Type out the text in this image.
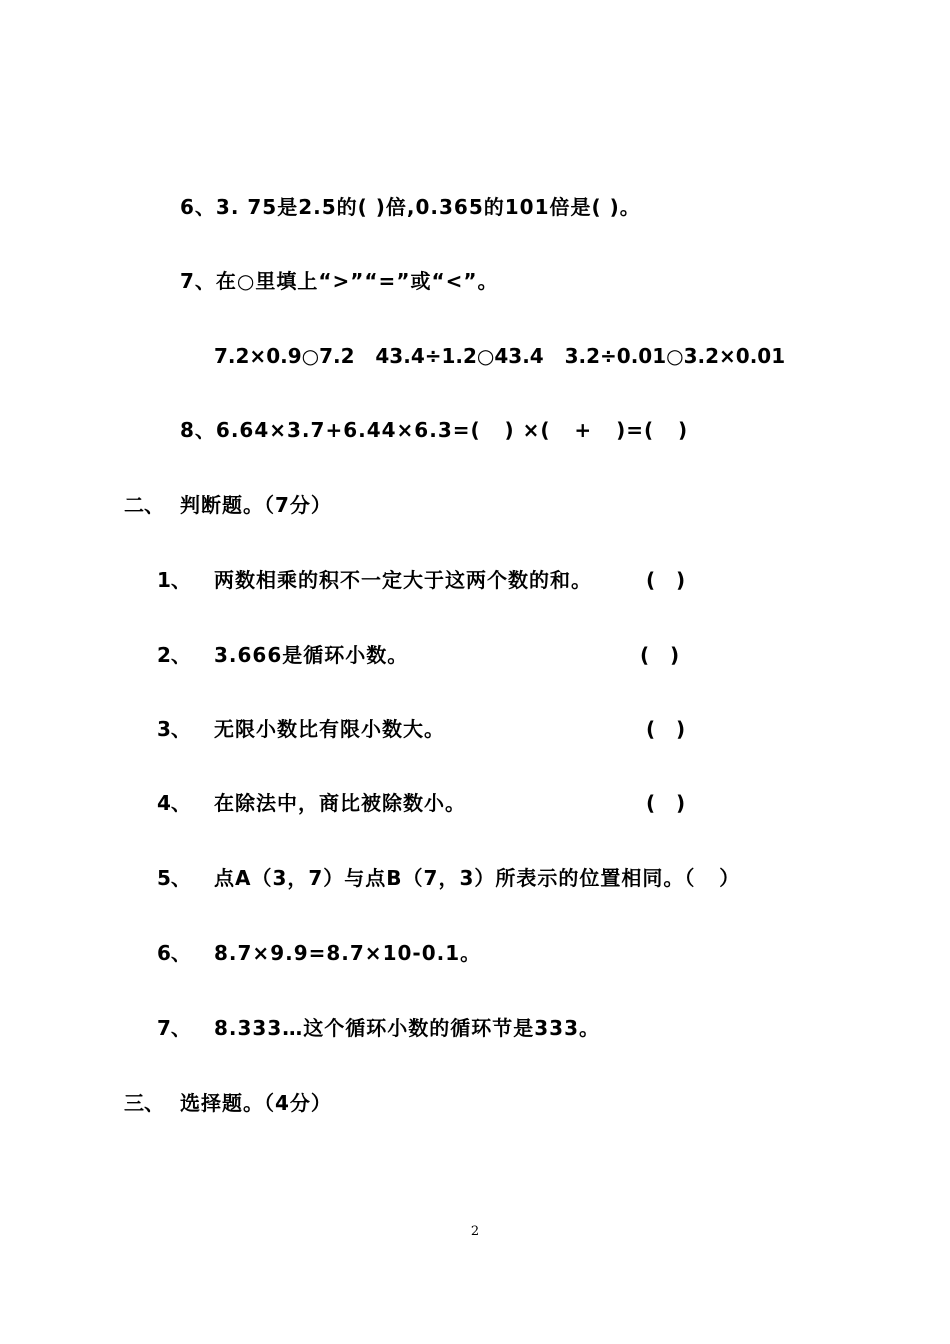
6、3. 75是2.5的( )倍,0.365的101倍是( )。
7、在○里填上“>”“=”或“<”。
7.2×0.9○7.2   43.4÷1.2○43.4   3.2÷0.01○3.2×0.01
8、6.64×3.7+6.44×6.3=(   ) ×(   +   )=(   )
二、 判断题。（7分）
1、 两数相乘的积不一定大于这两个数的和。	(   )
2、 3.666是循环小数。	(   )
3、 无限小数比有限小数大。	(   )
4、 在除法中，商比被除数小。	(   )
5、 点A（3，7）与点B（7，3）所表示的位置相同。（   ）
6、 8.7×9.9=8.7×10-0.1。
7、 8.333…这个循环小数的循环节是333。
三、 选择题。（4分）
2
